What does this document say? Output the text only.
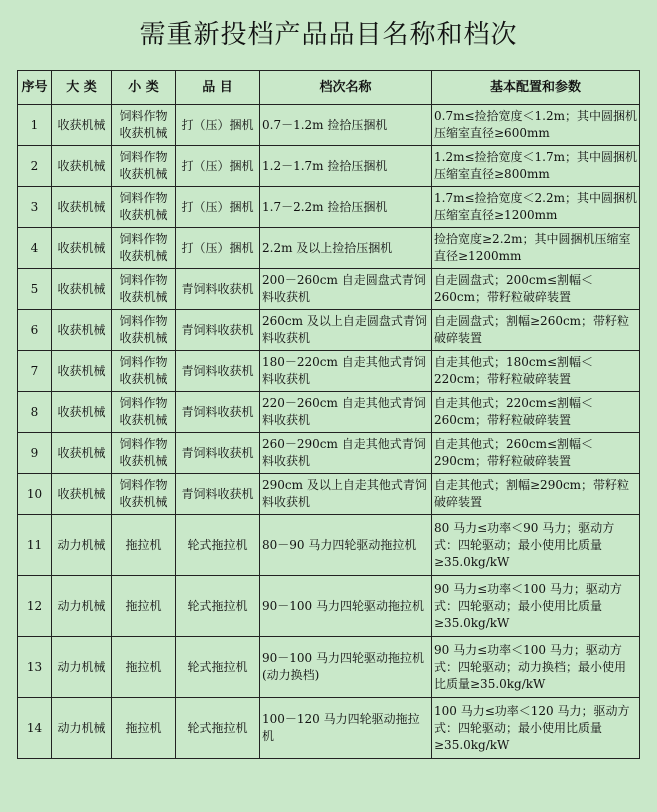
需重新投档产品品目名称和档次
序号	大 类	小 类	品 目	档次名称	基本配置和参数
1	收获机械	饲料作物收获机械	打（压）捆机	0.7－1.2m 捡拾压捆机	0.7m≤捡拾宽度＜1.2m；其中圆捆机压缩室直径≥600mm
2	收获机械	饲料作物收获机械	打（压）捆机	1.2－1.7m 捡拾压捆机	1.2m≤捡拾宽度＜1.7m；其中圆捆机压缩室直径≥800mm
3	收获机械	饲料作物收获机械	打（压）捆机	1.7－2.2m 捡拾压捆机	1.7m≤捡拾宽度＜2.2m；其中圆捆机压缩室直径≥1200mm
4	收获机械	饲料作物收获机械	打（压）捆机	2.2m 及以上捡拾压捆机	捡拾宽度≥2.2m；其中圆捆机压缩室直径≥1200mm
5	收获机械	饲料作物收获机械	青饲料收获机	200－260cm 自走圆盘式青饲料收获机	自走圆盘式；200cm≤割幅＜260cm；带籽粒破碎装置
6	收获机械	饲料作物收获机械	青饲料收获机	260cm 及以上自走圆盘式青饲料收获机	自走圆盘式；割幅≥260cm；带籽粒破碎装置
7	收获机械	饲料作物收获机械	青饲料收获机	180－220cm 自走其他式青饲料收获机	自走其他式；180cm≤割幅＜220cm；带籽粒破碎装置
8	收获机械	饲料作物收获机械	青饲料收获机	220－260cm 自走其他式青饲料收获机	自走其他式；220cm≤割幅＜260cm；带籽粒破碎装置
9	收获机械	饲料作物收获机械	青饲料收获机	260－290cm 自走其他式青饲料收获机	自走其他式；260cm≤割幅＜290cm；带籽粒破碎装置
10	收获机械	饲料作物收获机械	青饲料收获机	290cm 及以上自走其他式青饲料收获机	自走其他式；割幅≥290cm；带籽粒破碎装置
11	动力机械	拖拉机	轮式拖拉机	80－90 马力四轮驱动拖拉机	80 马力≤功率＜90 马力；驱动方式：四轮驱动；最小使用比质量≥35.0kg/kW
12	动力机械	拖拉机	轮式拖拉机	90－100 马力四轮驱动拖拉机	90 马力≤功率＜100 马力；驱动方式：四轮驱动；最小使用比质量≥35.0kg/kW
13	动力机械	拖拉机	轮式拖拉机	90－100 马力四轮驱动拖拉机(动力换档)	90 马力≤功率＜100 马力；驱动方式：四轮驱动；动力换档；最小使用比质量≥35.0kg/kW
14	动力机械	拖拉机	轮式拖拉机	100－120 马力四轮驱动拖拉机	100 马力≤功率＜120 马力；驱动方式：四轮驱动；最小使用比质量≥35.0kg/kW
